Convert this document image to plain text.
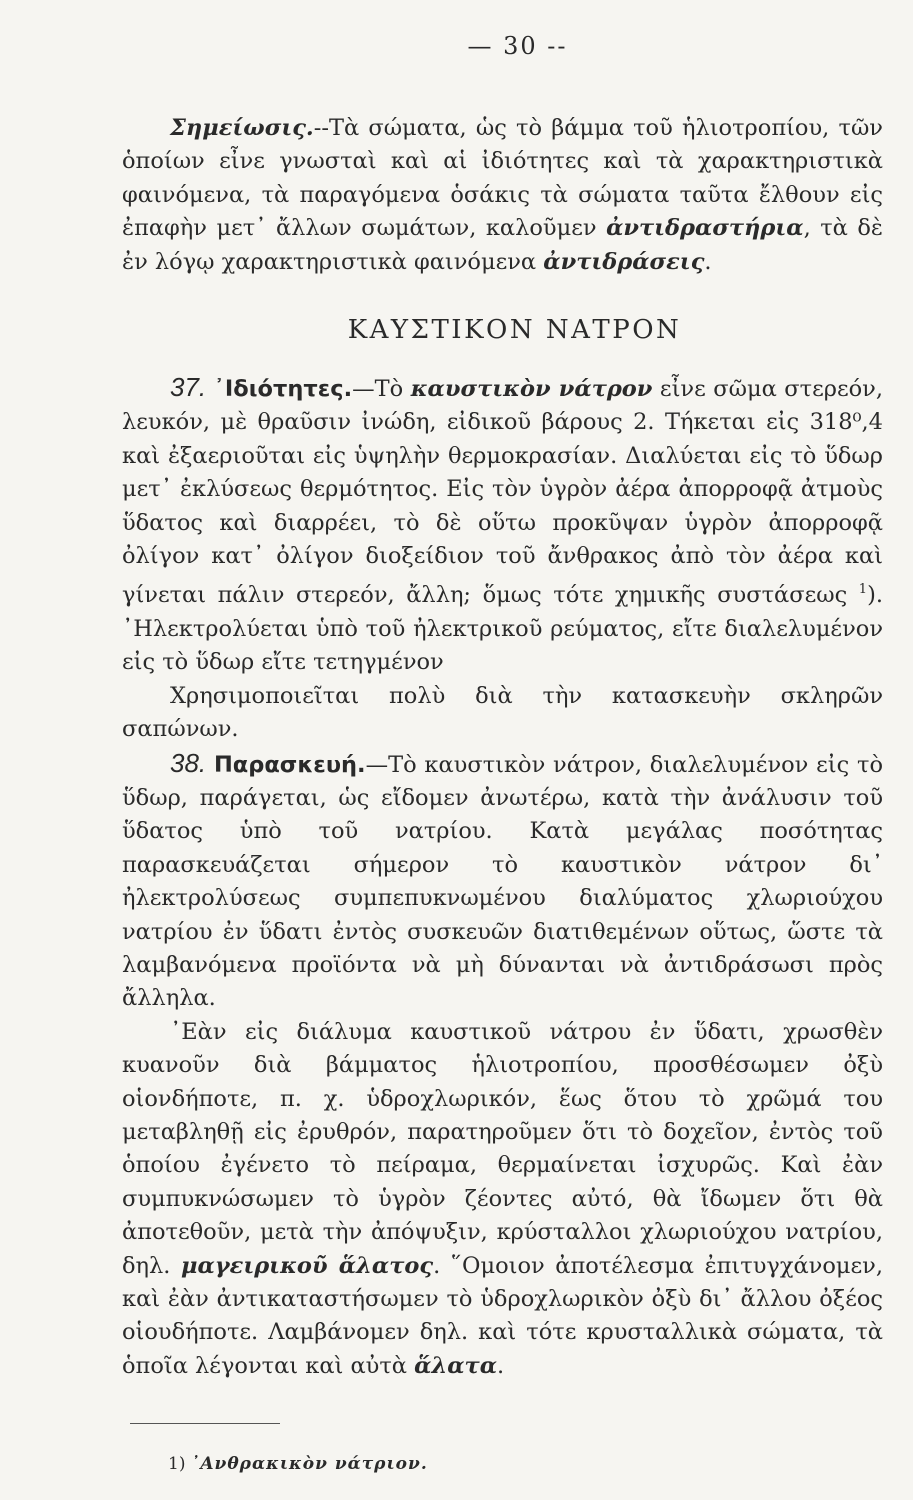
— 30 --

Σημείωσις.--Τὰ σώματα, ὡς τὸ βάμμα τοῦ ἡλιοτροπίου, τῶν ὁποίων εἶνε γνωσταὶ καὶ αἱ ἰδιότητες καὶ τὰ χαρακτηριστικὰ φαινόμενα, τὰ παραγόμενα ὁσάκις τὰ σώματα ταῦτα ἔλθουν εἰς ἐπαφὴν μετ᾿ ἄλλων σωμάτων, καλοῦμεν ἀντιδραστήρια, τὰ δὲ ἐν λόγῳ χαρακτηριστικὰ φαινόμενα ἀντιδράσεις.

ΚΑΥΣΤΙΚΟΝ ΝΑΤΡΟΝ

37. ᾿Ιδιότητες.—Τὸ καυστικὸν νάτρον εἶνε σῶμα στερεόν, λευκόν, μὲ θραῦσιν ἰνώδη, εἰδικοῦ βάρους 2. Τήκεται εἰς 318⁰,4 καὶ ἐξαεριοῦται εἰς ὑψηλὴν θερμοκρασίαν. Διαλύεται εἰς τὸ ὕδωρ μετ᾿ ἐκλύσεως θερμότητος. Εἰς τὸν ὑγρὸν ἀέρα ἀπορροφᾷ ἀτμοὺς ὕδατος καὶ διαρρέει, τὸ δὲ οὕτω προκῦψαν ὑγρὸν ἀπορροφᾷ ὀλίγον κατ᾿ ὀλίγον διοξείδιον τοῦ ἄνθρακος ἀπὸ τὸν ἀέρα καὶ γίνεται πάλιν στερεόν, ἄλλη; ὅμως τότε χημικῆς συστάσεως $^1$). ᾿Ηλεκτρολύεται ὑπὸ τοῦ ἠλεκτρικοῦ ρεύματος, εἴτε διαλελυμένον εἰς τὸ ὕδωρ εἴτε τετηγμένον

Χρησιμοποιεῖται πολὺ διὰ τὴν κατασκευὴν σκληρῶν σαπώνων.

38. Παρασκευή.—Τὸ καυστικὸν νάτρον, διαλελυμένον εἰς τὸ ὕδωρ, παράγεται, ὡς εἴδομεν ἀνωτέρω, κατὰ τὴν ἀνάλυσιν τοῦ ὕδατος ὑπὸ τοῦ νατρίου. Κατὰ μεγάλας ποσότητας παρασκευάζεται σήμερον τὸ καυστικὸν νάτρον δι᾿ ἠλεκτρολύσεως συμπεπυκνωμένου διαλύματος χλωριούχου νατρίου ἐν ὕδατι ἐντὸς συσκευῶν διατιθεμένων οὕτως, ὥστε τὰ λαμβανόμενα προϊόντα νὰ μὴ δύνανται νὰ ἀντιδράσωσι πρὸς ἄλληλα.

᾿Εὰν εἰς διάλυμα καυστικοῦ νάτρου ἐν ὕδατι, χρωσθὲν κυανοῦν διὰ βάμματος ἡλιοτροπίου, προσθέσωμεν ὀξὺ οἱονδήποτε, π. χ. ὑδροχλωρικόν, ἕως ὅτου τὸ χρῶμά του μεταβληθῇ εἰς ἐρυθρόν, παρατηροῦμεν ὅτι τὸ δοχεῖον, ἐντὸς τοῦ ὁποίου ἐγένετο τὸ πείραμα, θερμαίνεται ἰσχυρῶς. Καὶ ἐὰν συμπυκνώσωμεν τὸ ὑγρὸν ζέοντες αὐτό, θὰ ἴδωμεν ὅτι θὰ ἀποτεθοῦν, μετὰ τὴν ἀπόψυξιν, κρύσταλλοι χλωριούχου νατρίου, δηλ. μαγειρικοῦ ἅλατος. ῞Ομοιον ἀποτέλεσμα ἐπιτυγχάνομεν, καὶ ἐὰν ἀντικαταστήσωμεν τὸ ὑδροχλωρικὸν ὀξὺ δι᾿ ἄλλου ὀξέος οἱουδήποτε. Λαμβάνομεν δηλ. καὶ τότε κρυσταλλικὰ σώματα, τὰ ὁποῖα λέγονται καὶ αὐτὰ ἅλατα.

1) ᾿Ανθρακικὸν νάτριον.
